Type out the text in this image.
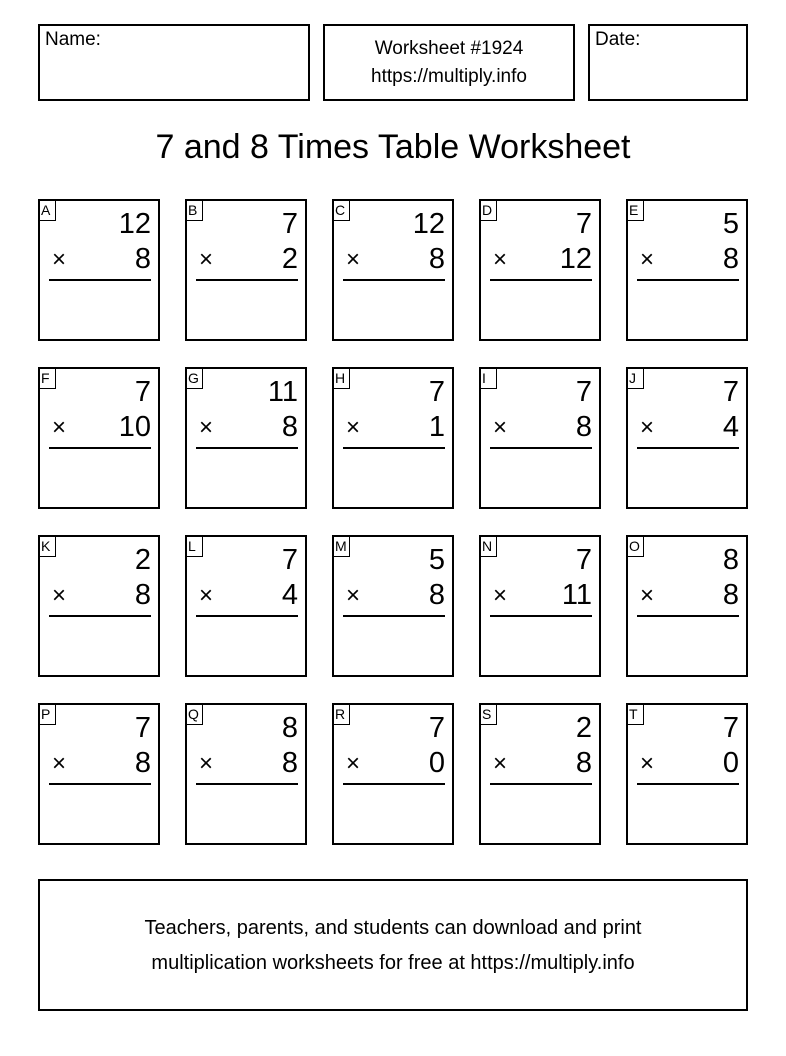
Name:	Worksheet #1924
https://multiply.info
Date:
7 and 8 Times Table Worksheet
A 12
× 8
B	7
× 2
C 12
× 8
D	7
× 12
E	5
× 8
F	7
× 10
G 11
× 8
H	7
× 1
I	7
× 8
J	7
× 4
K	2
× 8
L	7
× 4
M	5
× 8
N	7
× 11
O	8
× 8
P	7
× 8
Q	8
× 8
R	7
× 0
S	2
× 8
T	7
× 0
Teachers, parents, and students can download and print
multiplication worksheets for free at https://multiply.info
